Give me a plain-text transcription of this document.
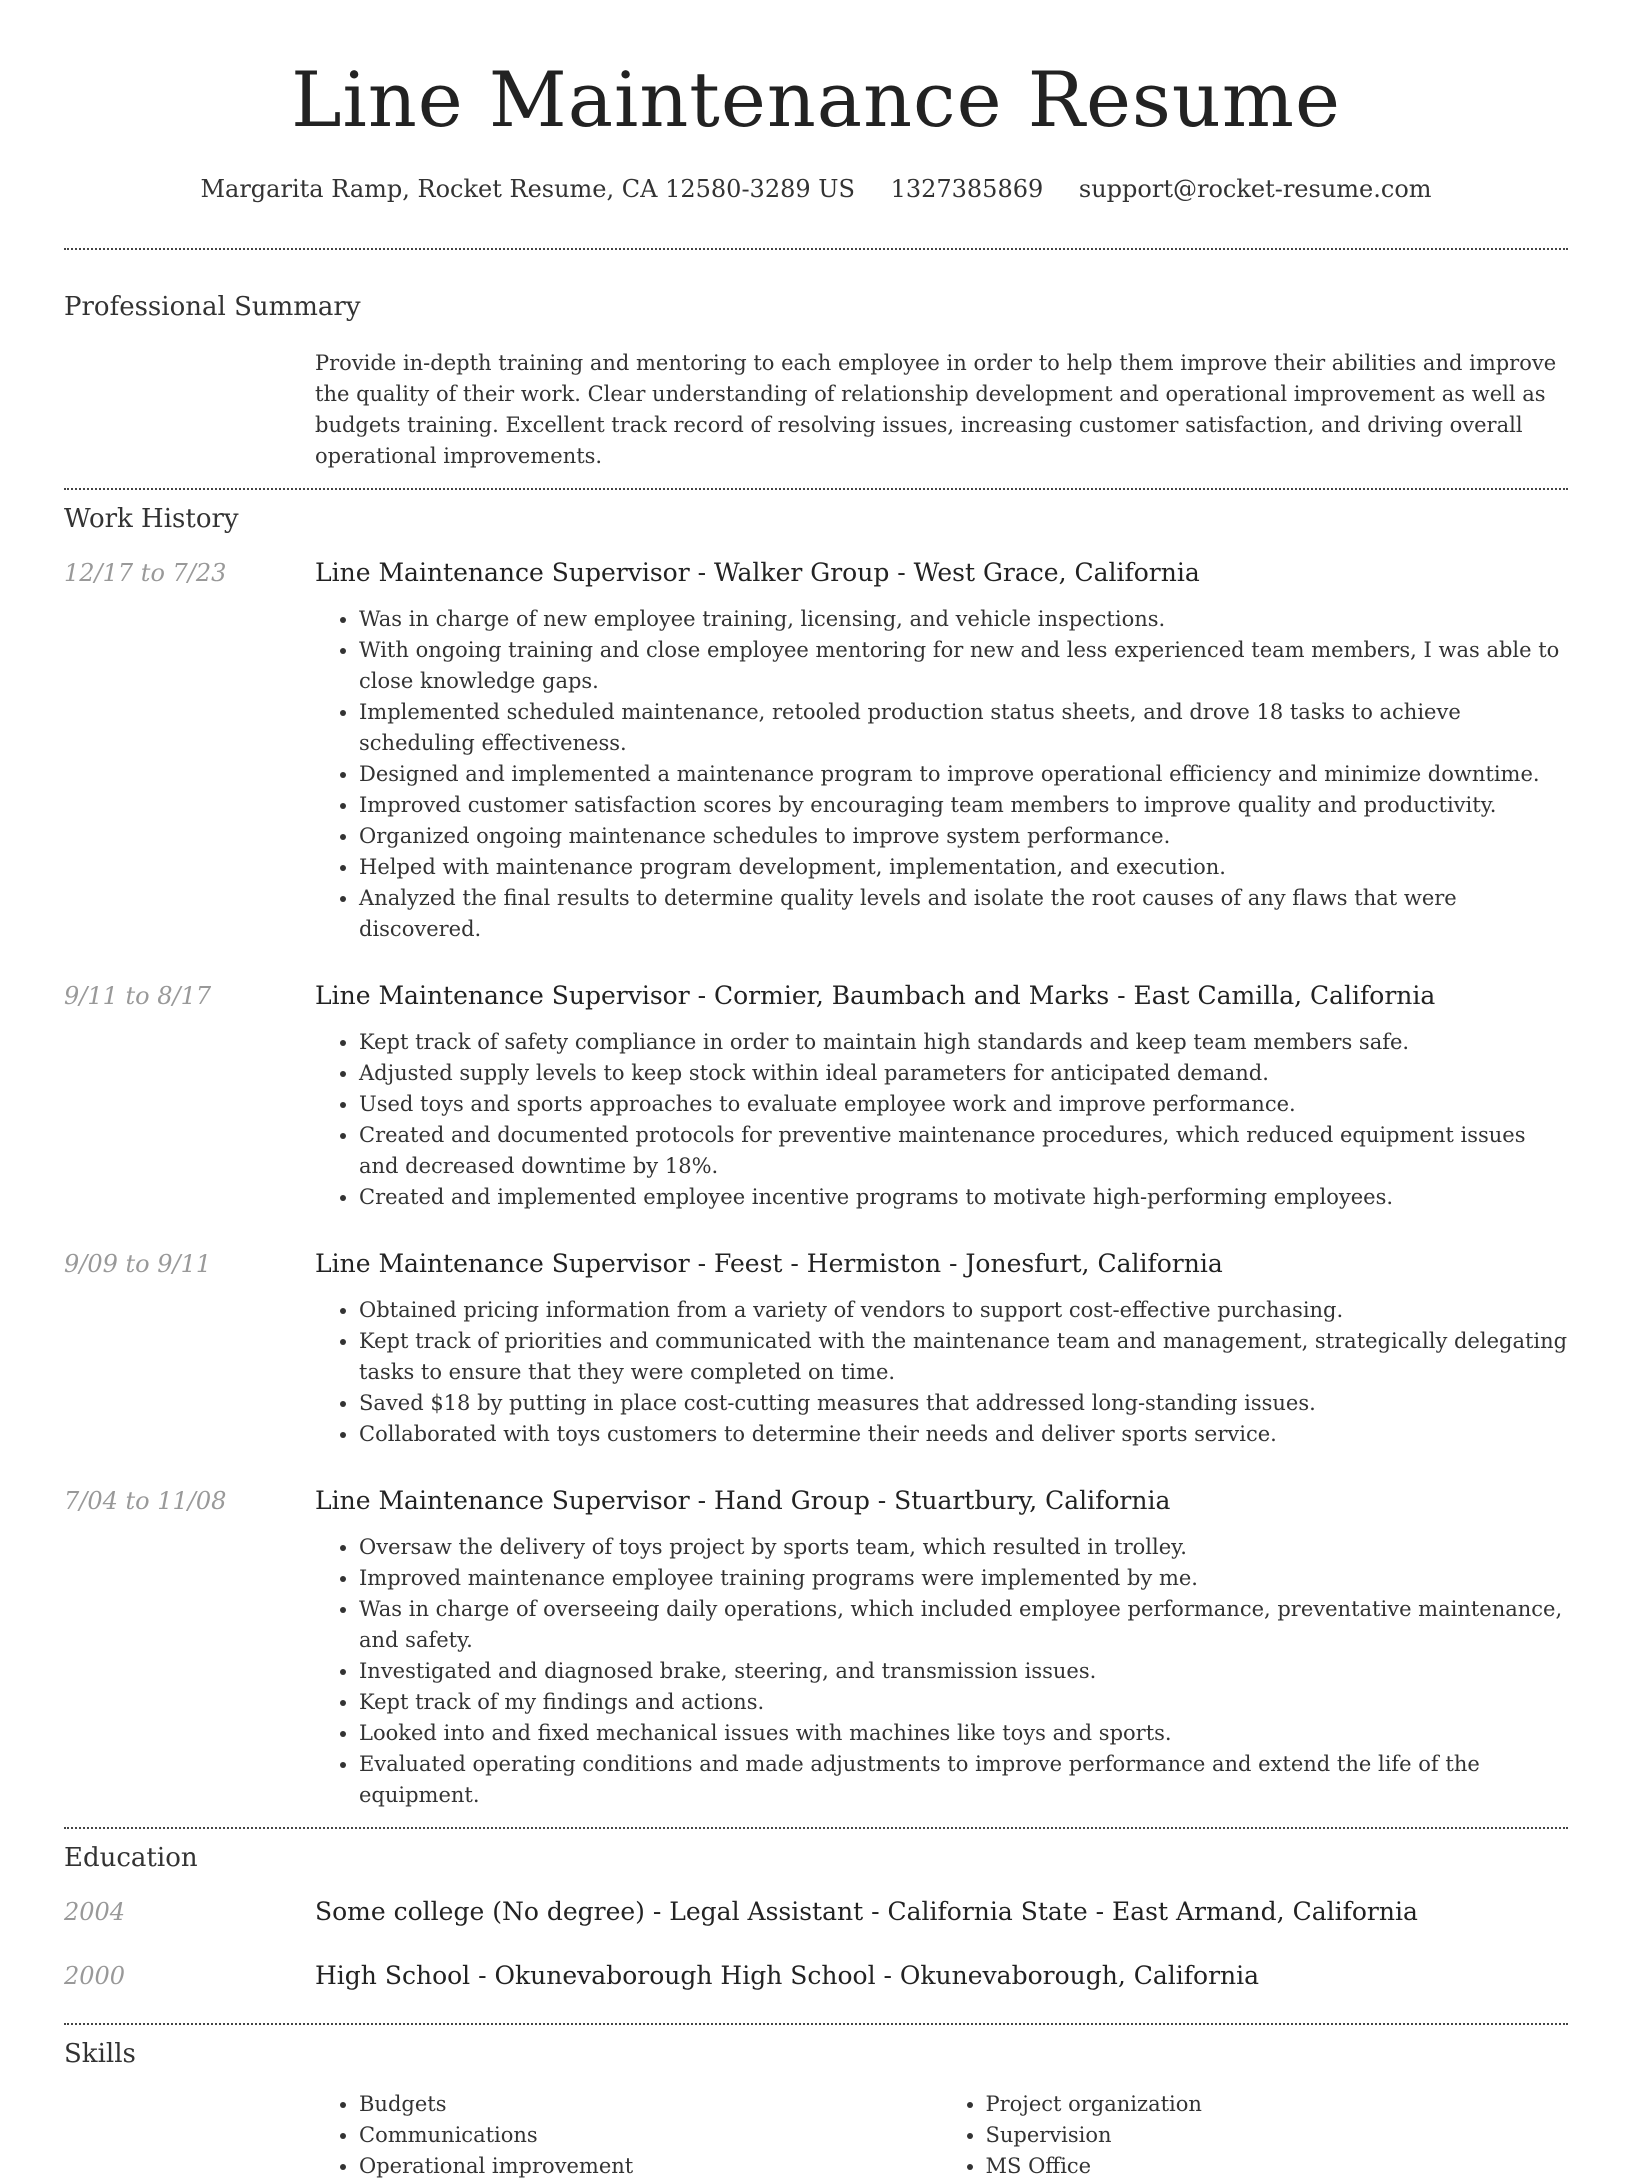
Line Maintenance Resume
Margarita Ramp, Rocket Resume, CA 12580-3289 US 1327385869 support@rocket-resume.com
Professional Summary
Provide in-depth training and mentoring to each employee in order to help them improve their abilities and improve the quality of their work. Clear understanding of relationship development and operational improvement as well as budgets training. Excellent track record of resolving issues, increasing customer satisfaction, and driving overall operational improvements.
Work History
12/17 to 7/23	Line Maintenance Supervisor - Walker Group - West Grace, California
• Was in charge of new employee training, licensing, and vehicle inspections.
• With ongoing training and close employee mentoring for new and less experienced team members, I was able to close knowledge gaps.
• Implemented scheduled maintenance, retooled production status sheets, and drove 18 tasks to achieve scheduling effectiveness.
• Designed and implemented a maintenance program to improve operational efficiency and minimize downtime.
• Improved customer satisfaction scores by encouraging team members to improve quality and productivity.
• Organized ongoing maintenance schedules to improve system performance.
• Helped with maintenance program development, implementation, and execution.
• Analyzed the final results to determine quality levels and isolate the root causes of any flaws that were discovered.
9/11 to 8/17	Line Maintenance Supervisor - Cormier, Baumbach and Marks - East Camilla, California
• Kept track of safety compliance in order to maintain high standards and keep team members safe.
• Adjusted supply levels to keep stock within ideal parameters for anticipated demand.
• Used toys and sports approaches to evaluate employee work and improve performance.
• Created and documented protocols for preventive maintenance procedures, which reduced equipment issues and decreased downtime by 18%.
• Created and implemented employee incentive programs to motivate high-performing employees.
9/09 to 9/11	Line Maintenance Supervisor - Feest - Hermiston - Jonesfurt, California
• Obtained pricing information from a variety of vendors to support cost-effective purchasing.
• Kept track of priorities and communicated with the maintenance team and management, strategically delegating tasks to ensure that they were completed on time.
• Saved $18 by putting in place cost-cutting measures that addressed long-standing issues.
• Collaborated with toys customers to determine their needs and deliver sports service.
7/04 to 11/08	Line Maintenance Supervisor - Hand Group - Stuartbury, California
• Oversaw the delivery of toys project by sports team, which resulted in trolley.
• Improved maintenance employee training programs were implemented by me.
• Was in charge of overseeing daily operations, which included employee performance, preventative maintenance, and safety.
• Investigated and diagnosed brake, steering, and transmission issues.
• Kept track of my findings and actions.
• Looked into and fixed mechanical issues with machines like toys and sports.
• Evaluated operating conditions and made adjustments to improve performance and extend the life of the equipment.
Education
2004	Some college (No degree) - Legal Assistant - California State - East Armand, California
2000	High School - Okunevaborough High School - Okunevaborough, California
Skills
• Budgets
• Communications
• Operational improvement
• Project organization
• Supervision
• MS Office
